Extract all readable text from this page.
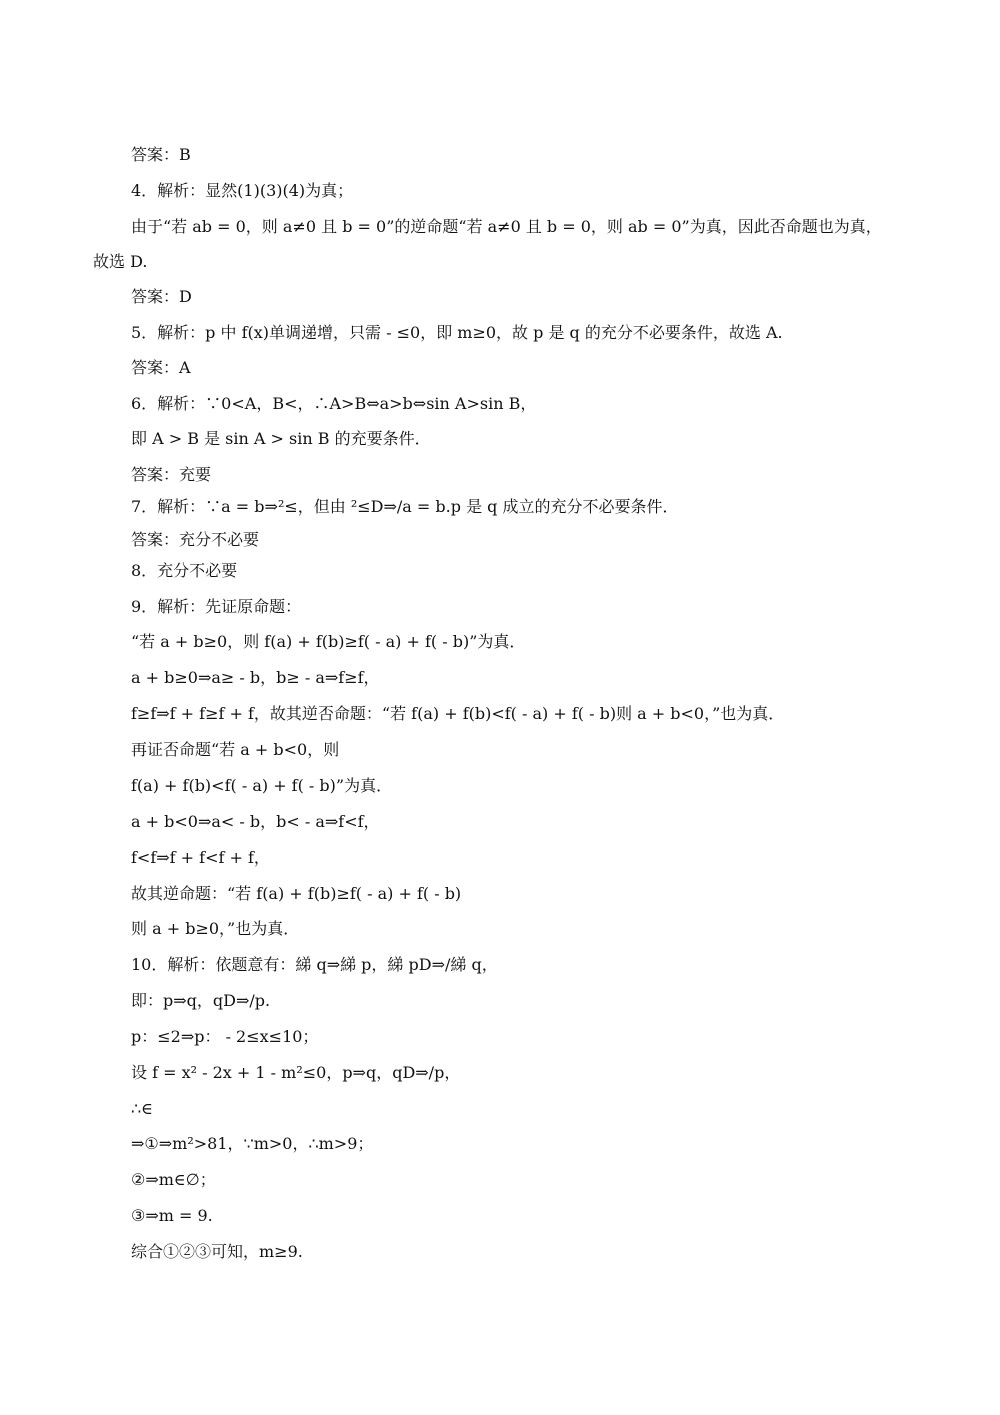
答案：B
4．解析：显然(1)(3)(4)为真；
由于“若 ab = 0，则 a≠0 且 b = 0”的逆命题“若 a≠0 且 b = 0，则 ab = 0”为真，因此否命题也为真，
故选 D.
答案：D
5．解析：p 中 f(x)单调递增，只需 - ≤0，即 m≥0，故 p 是 q 的充分不必要条件，故选 A.
答案：A
6．解析：∵0<A，B<，∴A>B⇔a>b⇔sin A>sin B，
即 A > B 是 sin A > sin B 的充要条件．
答案：充要
7．解析：∵a = b⇒²≤，但由 ²≤D⇒/a = b.p 是 q 成立的充分不必要条件．
答案：充分不必要
8．充分不必要
9．解析：先证原命题：
“若 a + b≥0，则 f(a) + f(b)≥f( - a) + f( - b)”为真．
a + b≥0⇒a≥ - b，b≥ - a⇒f≥f，
f≥f⇒f + f≥f + f，故其逆否命题：“若 f(a) + f(b)<f( - a) + f( - b)则 a + b<0，”也为真．
再证否命题“若 a + b<0，则
f(a) + f(b)<f( - a) + f( - b)”为真．
a + b<0⇒a< - b，b< - a⇒f<f，
f<f⇒f + f<f + f，
故其逆命题：“若 f(a) + f(b)≥f( - a) + f( - b)
则 a + b≥0，”也为真．
10．解析：依题意有：綈 q⇒綈 p，綈 pD⇒/綈 q，
即：p⇒q，qD⇒/p.
p：≤2⇒p： - 2≤x≤10；
设 f = x² - 2x + 1 - m²≤0，p⇒q，qD⇒/p，
∴∈
⇒①⇒m²>81，∵m>0，∴m>9；
②⇒m∈∅；
③⇒m = 9.
综合①②③可知，m≥9.
